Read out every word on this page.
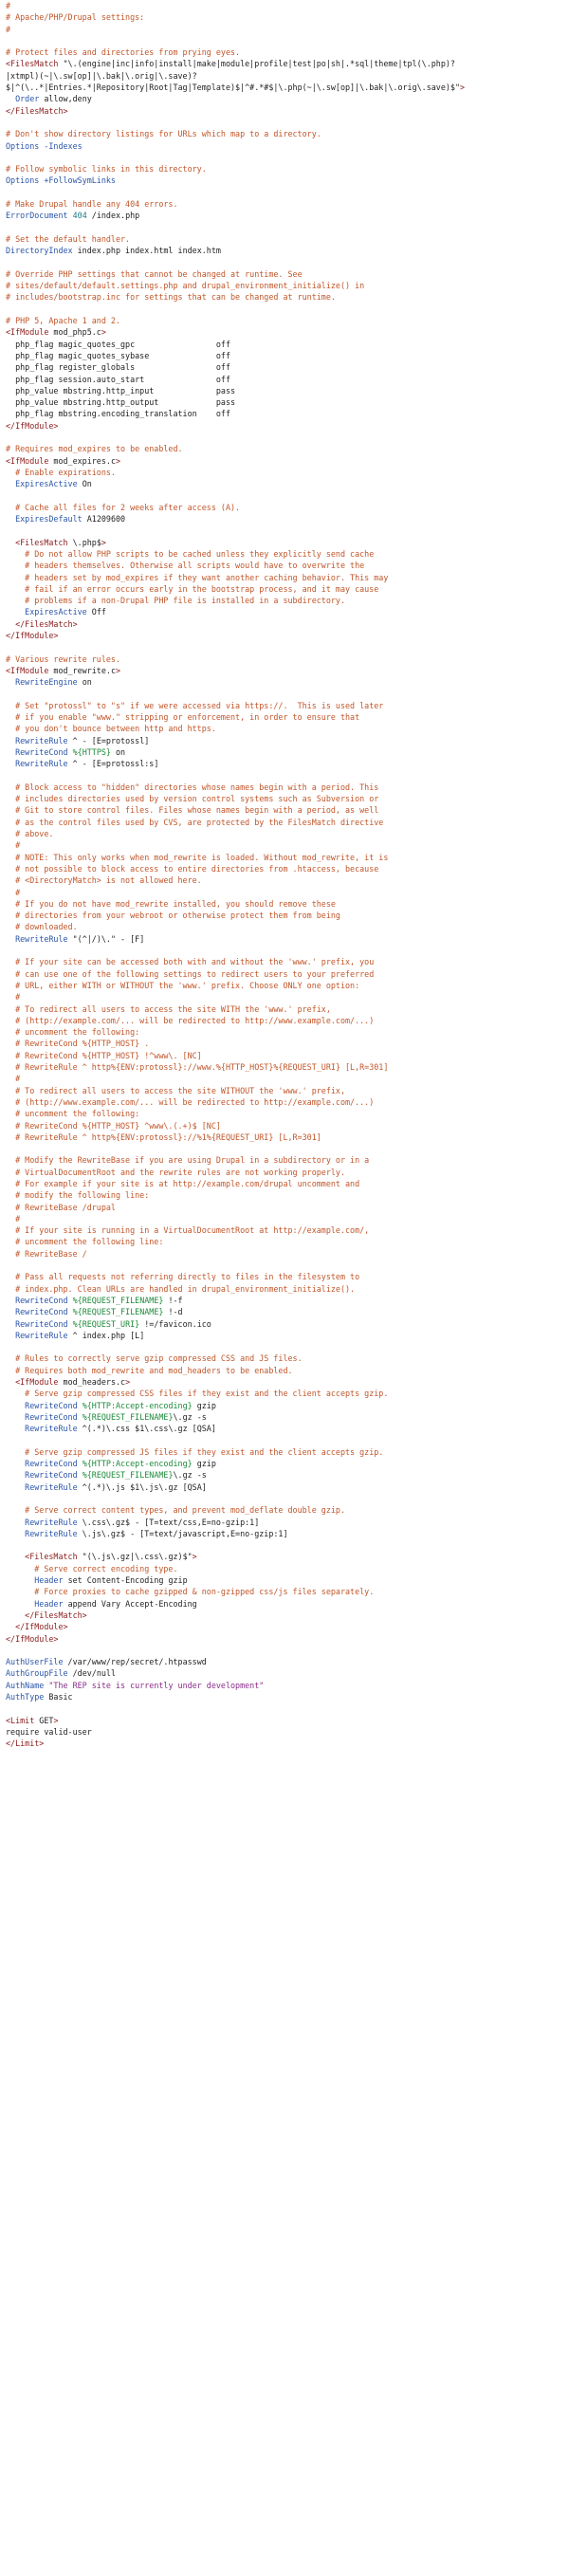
#
# Apache/PHP/Drupal settings:
#
# Protect files and directories from prying eyes.
<FilesMatch "\.(engine|inc|info|install|make|module|profile|test|po|sh|.*sql|theme|tpl(\.php)?
|xtmpl)(~|\.sw[op]|\.bak|\.orig|\.save)?
$|^(\..*|Entries.*|Repository|Root|Tag|Template)$|^#.*#$|\.php(~|\.sw[op]|\.bak|\.orig\.save)$">
Order allow,deny
</FilesMatch>
# Don't show directory listings for URLs which map to a directory.
Options -Indexes
# Follow symbolic links in this directory.
Options +FollowSymLinks
# Make Drupal handle any 404 errors.
ErrorDocument 404 /index.php
# Set the default handler.
DirectoryIndex index.php index.html index.htm
# Override PHP settings that cannot be changed at runtime. See
# sites/default/default.settings.php and drupal_environment_initialize() in
# includes/bootstrap.inc for settings that can be changed at runtime.
# PHP 5, Apache 1 and 2.
<IfModule mod_php5.c>
php_flag magic_quotes_gpc                 off
php_flag magic_quotes_sybase              off
php_flag register_globals                 off
php_flag session.auto_start               off
php_value mbstring.http_input             pass
php_value mbstring.http_output            pass
php_flag mbstring.encoding_translation    off
</IfModule>
# Requires mod_expires to be enabled.
<IfModule mod_expires.c>
# Enable expirations.
ExpiresActive On
# Cache all files for 2 weeks after access (A).
ExpiresDefault A1209600
<FilesMatch \.php$>
# Do not allow PHP scripts to be cached unless they explicitly send cache
# headers themselves. Otherwise all scripts would have to overwrite the
# headers set by mod_expires if they want another caching behavior. This may
# fail if an error occurs early in the bootstrap process, and it may cause
# problems if a non-Drupal PHP file is installed in a subdirectory.
ExpiresActive Off
</FilesMatch>
</IfModule>
# Various rewrite rules.
<IfModule mod_rewrite.c>
RewriteEngine on
# Set "protossl" to "s" if we were accessed via https://.  This is used later
# if you enable "www." stripping or enforcement, in order to ensure that
# you don't bounce between http and https.
RewriteRule ^ - [E=protossl]
RewriteCond %{HTTPS} on
RewriteRule ^ - [E=protossl:s]
# Block access to "hidden" directories whose names begin with a period. This
# includes directories used by version control systems such as Subversion or
# Git to store control files. Files whose names begin with a period, as well
# as the control files used by CVS, are protected by the FilesMatch directive
# above.
#
# NOTE: This only works when mod_rewrite is loaded. Without mod_rewrite, it is
# not possible to block access to entire directories from .htaccess, because
# <DirectoryMatch> is not allowed here.
#
# If you do not have mod_rewrite installed, you should remove these
# directories from your webroot or otherwise protect them from being
# downloaded.
RewriteRule "(^|/)\." - [F]
# If your site can be accessed both with and without the 'www.' prefix, you
# can use one of the following settings to redirect users to your preferred
# URL, either WITH or WITHOUT the 'www.' prefix. Choose ONLY one option:
#
# To redirect all users to access the site WITH the 'www.' prefix,
# (http://example.com/... will be redirected to http://www.example.com/...)
# uncomment the following:
# RewriteCond %{HTTP_HOST} .
# RewriteCond %{HTTP_HOST} !^www\. [NC]
# RewriteRule ^ http%{ENV:protossl}://www.%{HTTP_HOST}%{REQUEST_URI} [L,R=301]
#
# To redirect all users to access the site WITHOUT the 'www.' prefix,
# (http://www.example.com/... will be redirected to http://example.com/...)
# uncomment the following:
# RewriteCond %{HTTP_HOST} ^www\.(.+)$ [NC]
# RewriteRule ^ http%{ENV:protossl}://%1%{REQUEST_URI} [L,R=301]
# Modify the RewriteBase if you are using Drupal in a subdirectory or in a
# VirtualDocumentRoot and the rewrite rules are not working properly.
# For example if your site is at http://example.com/drupal uncomment and
# modify the following line:
# RewriteBase /drupal
#
# If your site is running in a VirtualDocumentRoot at http://example.com/,
# uncomment the following line:
# RewriteBase /
# Pass all requests not referring directly to files in the filesystem to
# index.php. Clean URLs are handled in drupal_environment_initialize().
RewriteCond %{REQUEST_FILENAME} !-f
RewriteCond %{REQUEST_FILENAME} !-d
RewriteCond %{REQUEST_URI} !=/favicon.ico
RewriteRule ^ index.php [L]
# Rules to correctly serve gzip compressed CSS and JS files.
# Requires both mod_rewrite and mod_headers to be enabled.
<IfModule mod_headers.c>
# Serve gzip compressed CSS files if they exist and the client accepts gzip.
RewriteCond %{HTTP:Accept-encoding} gzip
RewriteCond %{REQUEST_FILENAME}\.gz -s
RewriteRule ^(.*)\.css $1\.css\.gz [QSA]
# Serve gzip compressed JS files if they exist and the client accepts gzip.
RewriteCond %{HTTP:Accept-encoding} gzip
RewriteCond %{REQUEST_FILENAME}\.gz -s
RewriteRule ^(.*)\.js $1\.js\.gz [QSA]
# Serve correct content types, and prevent mod_deflate double gzip.
RewriteRule \.css\.gz$ - [T=text/css,E=no-gzip:1]
RewriteRule \.js\.gz$ - [T=text/javascript,E=no-gzip:1]
<FilesMatch "(\.js\.gz|\.css\.gz)$">
# Serve correct encoding type.
Header set Content-Encoding gzip
# Force proxies to cache gzipped & non-gzipped css/js files separately.
Header append Vary Accept-Encoding
</FilesMatch>
</IfModule>
</IfModule>
AuthUserFile /var/www/rep/secret/.htpasswd
AuthGroupFile /dev/null
AuthName "The REP site is currently under development"
AuthType Basic
<Limit GET>
require valid-user
</Limit>
